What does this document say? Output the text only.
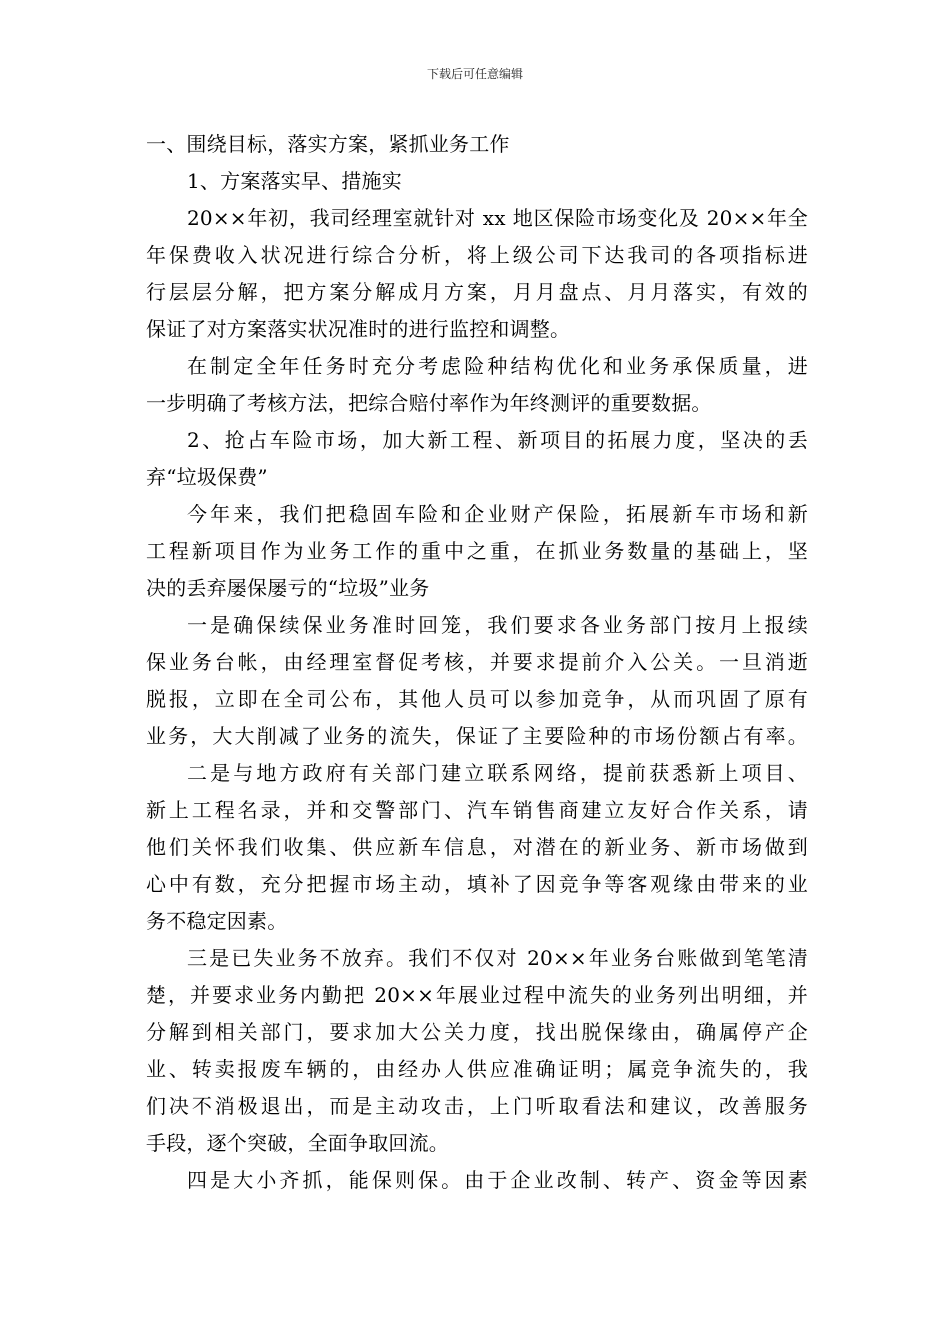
下载后可任意编辑
一、围绕目标，落实方案，紧抓业务工作
1、方案落实早、措施实
20××年初，我司经理室就针对 xx 地区保险市场变化及 20××年全
年保费收入状况进行综合分析，将上级公司下达我司的各项指标进
行层层分解，把方案分解成月方案，月月盘点、月月落实，有效的
保证了对方案落实状况准时的进行监控和调整。
在制定全年任务时充分考虑险种结构优化和业务承保质量，进
一步明确了考核方法，把综合赔付率作为年终测评的重要数据。
2、抢占车险市场，加大新工程、新项目的拓展力度，坚决的丢
弃“垃圾保费”
今年来，我们把稳固车险和企业财产保险，拓展新车市场和新
工程新项目作为业务工作的重中之重，在抓业务数量的基础上，坚
决的丢弃屡保屡亏的“垃圾”业务
一是确保续保业务准时回笼，我们要求各业务部门按月上报续
保业务台帐，由经理室督促考核，并要求提前介入公关。一旦消逝
脱报，立即在全司公布，其他人员可以参加竞争，从而巩固了原有
业务，大大削减了业务的流失，保证了主要险种的市场份额占有率。
二是与地方政府有关部门建立联系网络，提前获悉新上项目、
新上工程名录，并和交警部门、汽车销售商建立友好合作关系，请
他们关怀我们收集、供应新车信息，对潜在的新业务、新市场做到
心中有数，充分把握市场主动，填补了因竞争等客观缘由带来的业
务不稳定因素。
三是已失业务不放弃。我们不仅对 20××年业务台账做到笔笔清
楚，并要求业务内勤把 20××年展业过程中流失的业务列出明细，并
分解到相关部门，要求加大公关力度，找出脱保缘由，确属停产企
业、转卖报废车辆的，由经办人供应准确证明；属竞争流失的，我
们决不消极退出，而是主动攻击，上门听取看法和建议，改善服务
手段，逐个突破，全面争取回流。
四是大小齐抓，能保则保。由于企业改制、转产、资金等因素
